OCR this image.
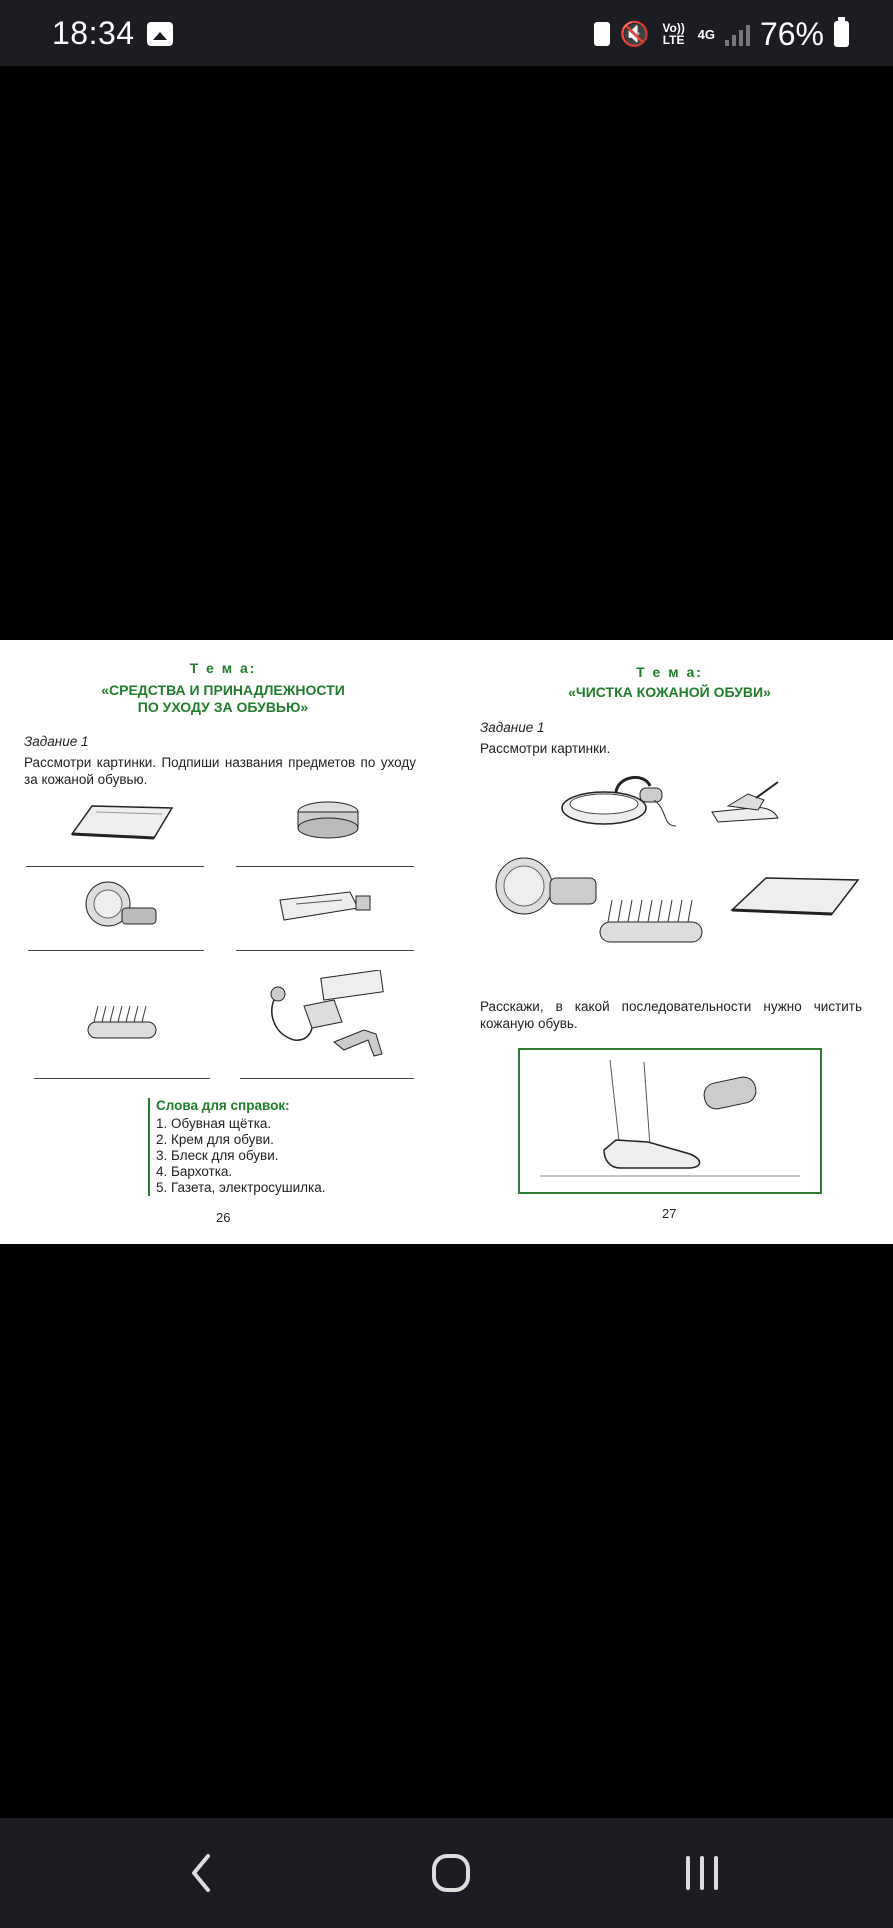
18:34	🔇 Vo)) LTE 4G 76%
Т е м а:
«СРЕДСТВА И ПРИНАДЛЕЖНОСТИ
ПО УХОДУ ЗА ОБУВЬЮ»
Задание 1
Рассмотри картинки. Подпиши названия предметов по уходу за кожаной обувью.
Слова для справок:
1. Обувная щётка.
2. Крем для обуви.
3. Блеск для обуви.
4. Бархотка.
5. Газета, электросушилка.
26
Т е м а:
«ЧИСТКА КОЖАНОЙ ОБУВИ»
Задание 1
Рассмотри картинки.
Расскажи, в какой последовательности нужно чистить кожаную обувь.
27
